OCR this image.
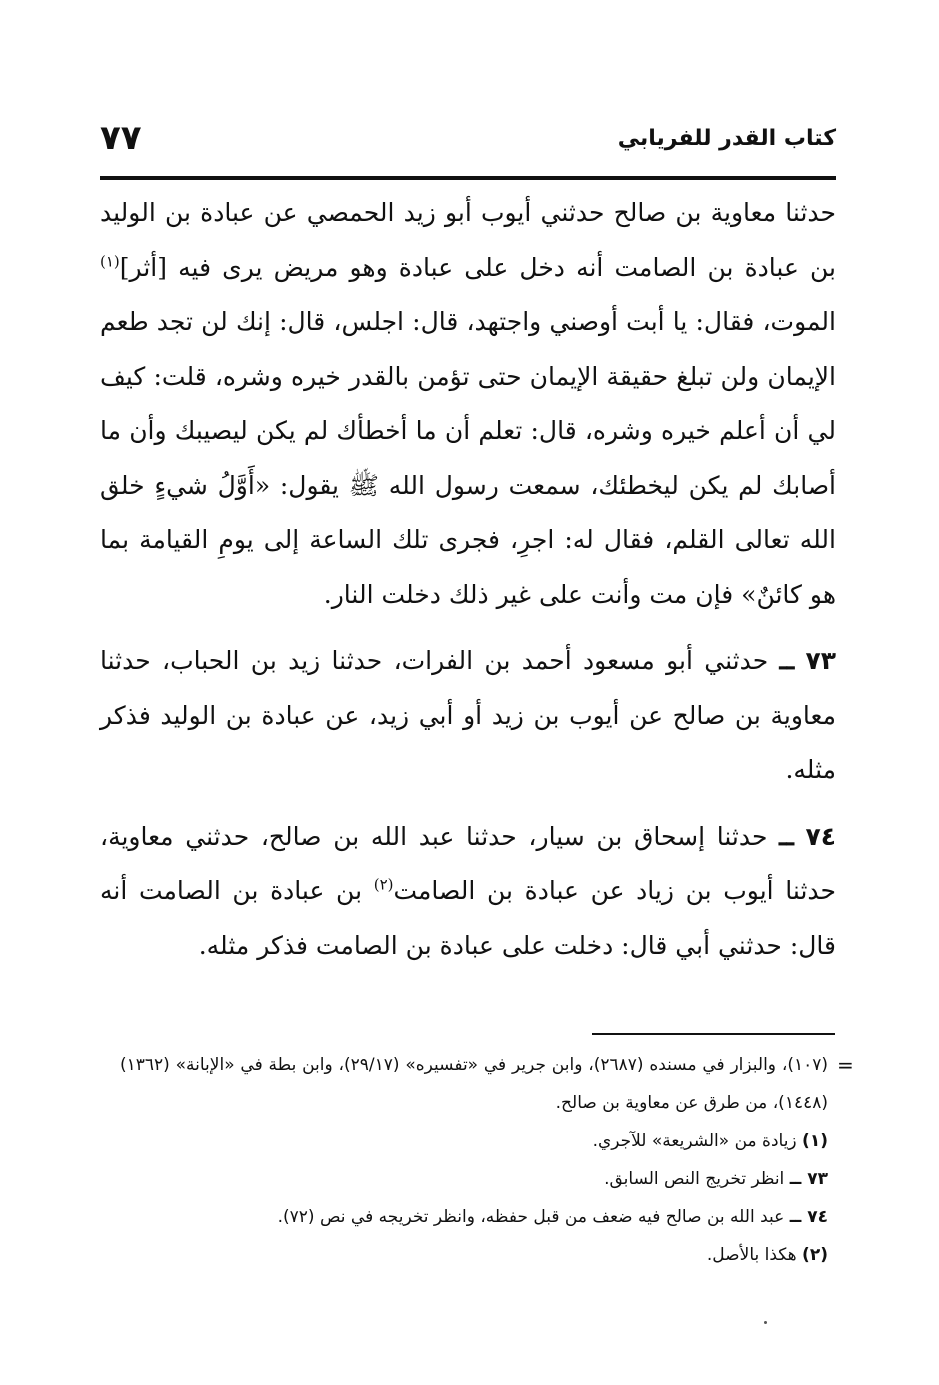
كتاب القدر للفريابي
٧٧

حدثنا معاوية بن صالح حدثني أيوب أبو زيد الحمصي عن عبادة بن الوليد بن عبادة بن الصامت أنه دخل على عبادة وهو مريض يرى فيه [أثر]$^{(١)}$ الموت، فقال: يا أبت أوصني واجتهد، قال: اجلس، قال: إنك لن تجد طعم الإيمان ولن تبلغ حقيقة الإيمان حتى تؤمن بالقدر خيره وشره، قلت: كيف لي أن أعلم خيره وشره، قال: تعلم أن ما أخطأك لم يكن ليصيبك وأن ما أصابك لم يكن ليخطئك، سمعت رسول الله ﷺ يقول: «أَوَّلُ شيءٍ خلق الله تعالى القلم، فقال له: اجرِ، فجرى تلك الساعة إلى يومِ القيامة بما هو كائنٌ» فإن مت وأنت على غير ذلك دخلت النار.

٧٣ ــ حدثني أبو مسعود أحمد بن الفرات، حدثنا زيد بن الحباب، حدثنا معاوية بن صالح عن أيوب بن زيد أو أبي زيد، عن عبادة بن الوليد فذكر مثله.

٧٤ ــ حدثنا إسحاق بن سيار، حدثنا عبد الله بن صالح، حدثني معاوية، حدثنا أيوب بن زياد عن عبادة بن الصامت$^{(٢)}$ بن عبادة بن الصامت أنه قال: حدثني أبي قال: دخلت على عبادة بن الصامت فذكر مثله.

=

(١٠٧)، والبزار في مسنده (٢٦٨٧)، وابن جرير في «تفسيره» (٢٩/١٧)، وابن بطة في «الإبانة» (١٣٦٢) (١٤٤٨)، من طرق عن معاوية بن صالح.

(١) زيادة من «الشريعة» للآجري.

٧٣ ــ انظر تخريج النص السابق.

٧٤ ــ عبد الله بن صالح فيه ضعف من قبل حفظه، وانظر تخريجه في نص (٧٢).

(٢) هكذا بالأصل.
